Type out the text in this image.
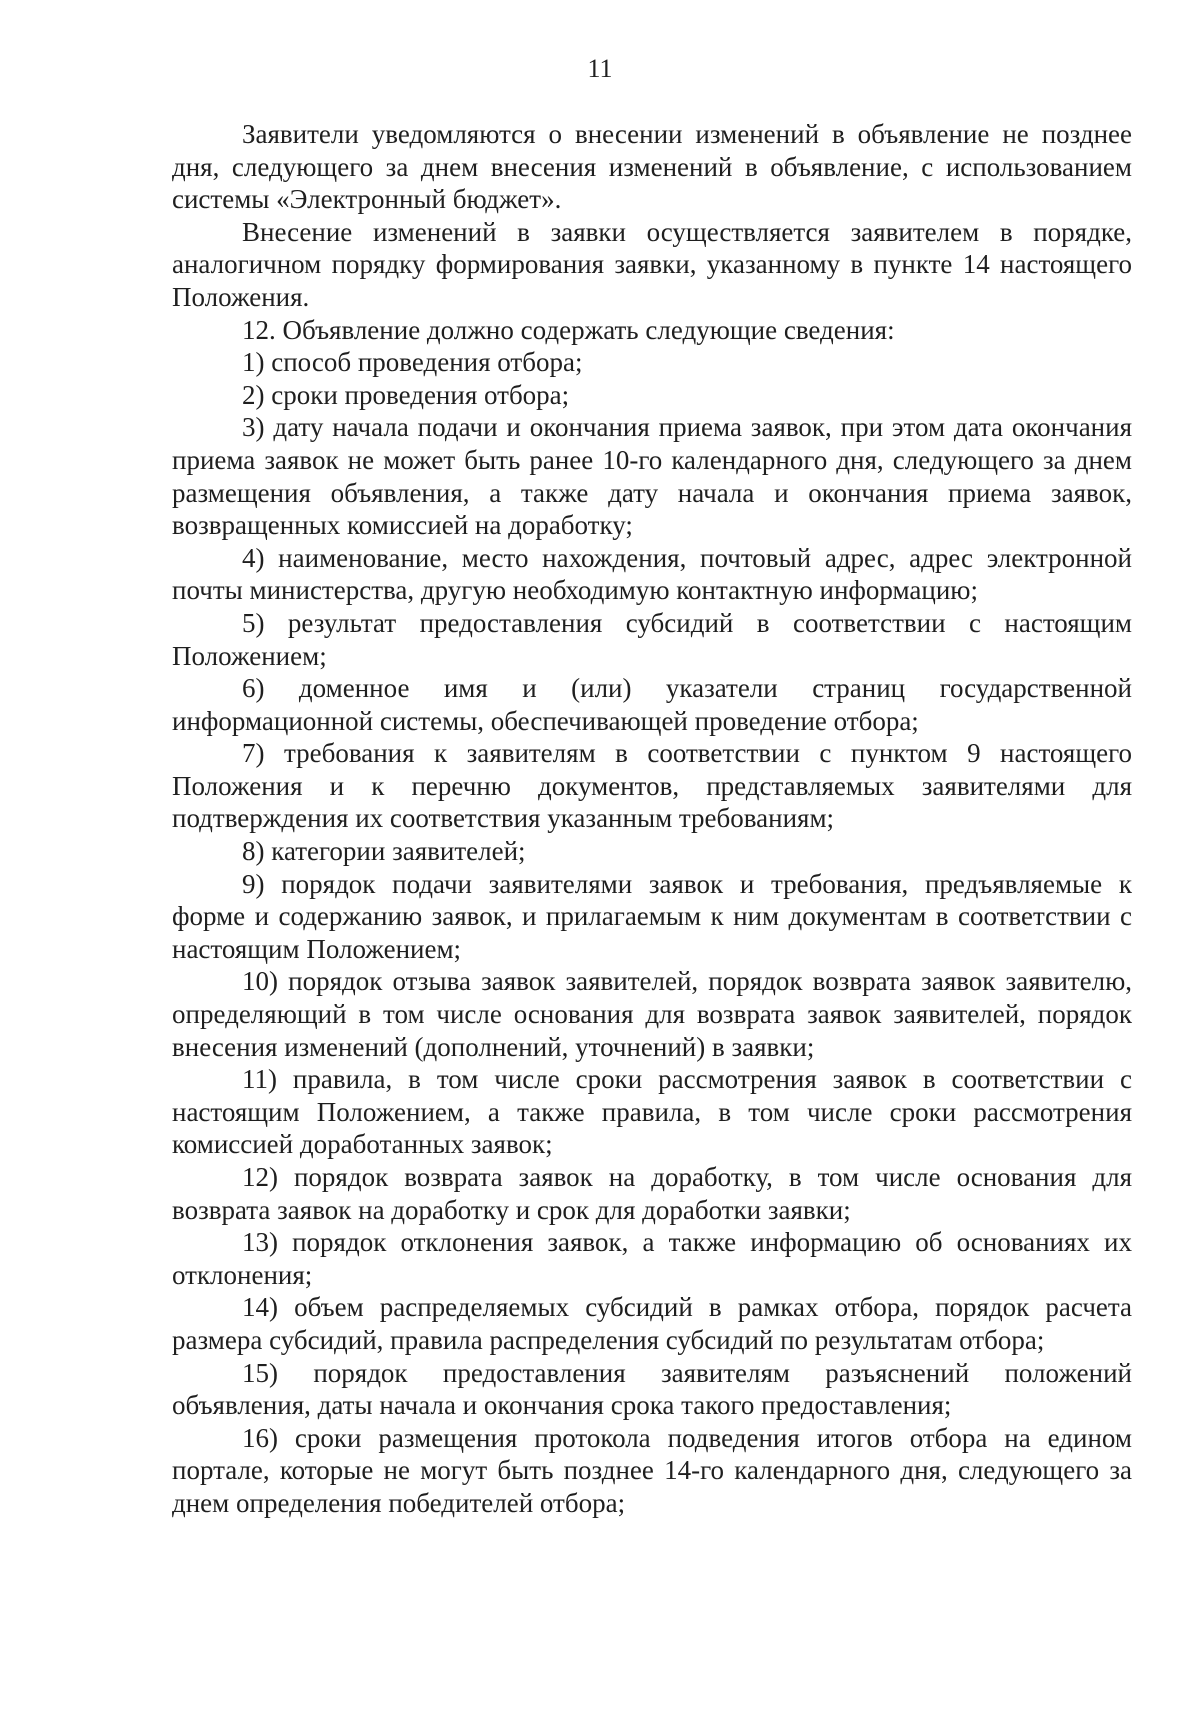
11

Заявители уведомляются о внесении изменений в объявление не позднее дня, следующего за днем внесения изменений в объявление, с использованием системы «Электронный бюджет».

Внесение изменений в заявки осуществляется заявителем в порядке, аналогичном порядку формирования заявки, указанному в пункте 14 настоящего Положения.

12. Объявление должно содержать следующие сведения:

1) способ проведения отбора;

2) сроки проведения отбора;

3) дату начала подачи и окончания приема заявок, при этом дата окончания приема заявок не может быть ранее 10-го календарного дня, следующего за днем размещения объявления, а также дату начала и окончания приема заявок, возвращенных комиссией на доработку;

4) наименование, место нахождения, почтовый адрес, адрес электронной почты министерства, другую необходимую контактную информацию;

5) результат предоставления субсидий в соответствии с настоящим Положением;

6) доменное имя и (или) указатели страниц государственной информационной системы, обеспечивающей проведение отбора;

7) требования к заявителям в соответствии с пунктом 9 настоящего Положения и к перечню документов, представляемых заявителями для подтверждения их соответствия указанным требованиям;

8) категории заявителей;

9) порядок подачи заявителями заявок и требования, предъявляемые к форме и содержанию заявок, и прилагаемым к ним документам в соответствии с настоящим Положением;

10) порядок отзыва заявок заявителей, порядок возврата заявок заявителю, определяющий в том числе основания для возврата заявок заявителей, порядок внесения изменений (дополнений, уточнений) в заявки;

11) правила, в том числе сроки рассмотрения заявок в соответствии с настоящим Положением, а также правила, в том числе сроки рассмотрения комиссией доработанных заявок;

12) порядок возврата заявок на доработку, в том числе основания для возврата заявок на доработку и срок для доработки заявки;

13) порядок отклонения заявок, а также информацию об основаниях их отклонения;

14) объем распределяемых субсидий в рамках отбора, порядок расчета размера субсидий, правила распределения субсидий по результатам отбора;

15) порядок предоставления заявителям разъяснений положений объявления, даты начала и окончания срока такого предоставления;

16) сроки размещения протокола подведения итогов отбора на едином портале, которые не могут быть позднее 14-го календарного дня, следующего за днем определения победителей отбора;
